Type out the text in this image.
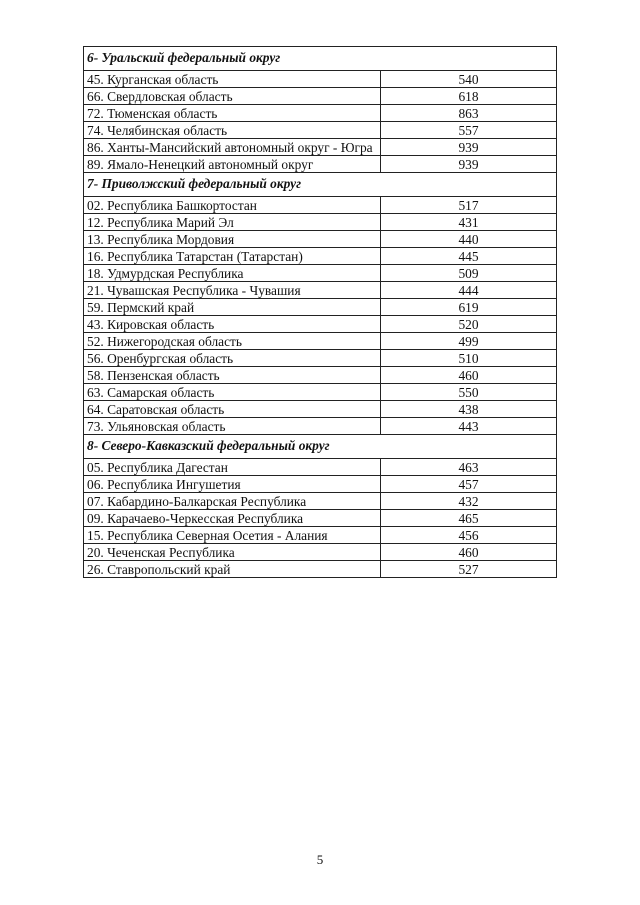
6- Уральский федеральный округ	
45. Курганская область	540
66. Свердловская область	618
72. Тюменская область	863
74. Челябинская область	557
86. Ханты-Мансийский автономный округ - Югра	939
89. Ямало-Ненецкий автономный округ	939
7- Приволжский федеральный округ	
02. Республика Башкортостан	517
12. Республика Марий Эл	431
13. Республика Мордовия	440
16. Республика Татарстан (Татарстан)	445
18. Удмурдская Республика	509
21. Чувашская Республика - Чувашия	444
59. Пермский край	619
43. Кировская область	520
52. Нижегородская область	499
56. Оренбургская область	510
58. Пензенская область	460
63. Самарская область	550
64. Саратовская область	438
73. Ульяновская область	443
8- Северо-Кавказский федеральный округ	
05. Республика Дагестан	463
06. Республика Ингушетия	457
07. Кабардино-Балкарская Республика	432
09. Карачаево-Черкесская Республика	465
15. Республика Северная Осетия - Алания	456
20. Чеченская Республика	460
26. Ставропольский край	527
5
